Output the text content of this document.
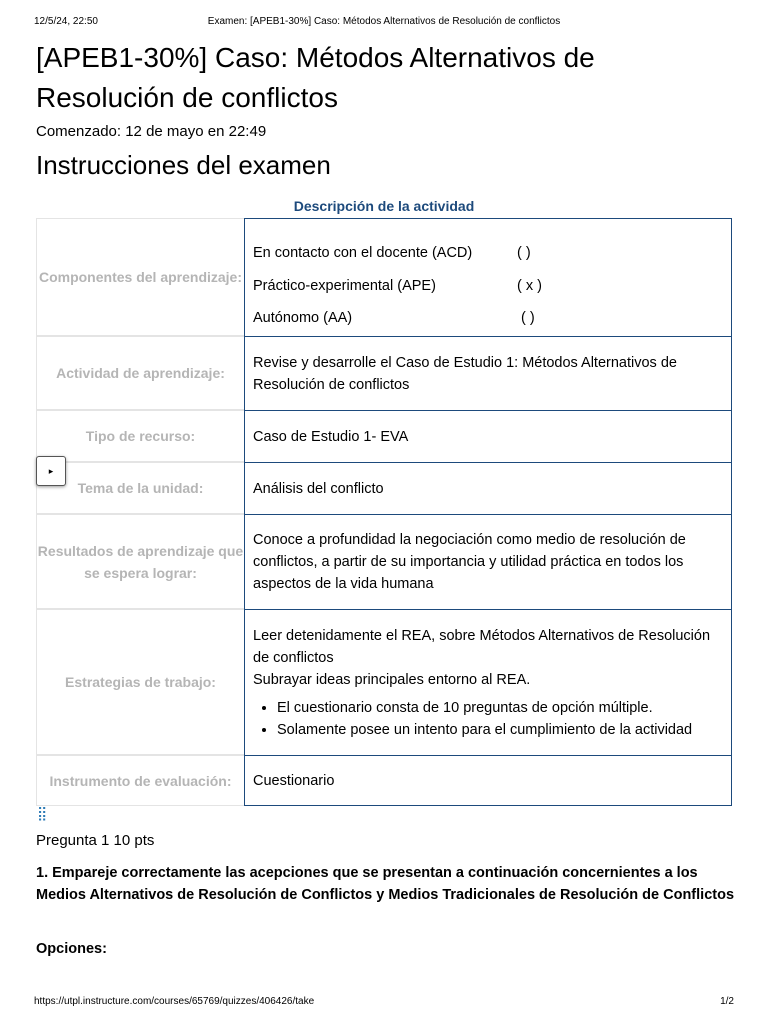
12/5/24, 22:50	Examen: [APEB1-30%] Caso: Métodos Alternativos de Resolución de conflictos
[APEB1-30%] Caso: Métodos Alternativos de Resolución de conflictos
Comenzado: 12 de mayo en 22:49
Instrucciones del examen
Descripción de la actividad
Componentes del aprendizaje:
En contacto con el docente (ACD)	( )
Práctico-experimental (APE)	( x )
Autónomo (AA)	( )
Actividad de aprendizaje:
Revise y desarrolle el Caso de Estudio 1: Métodos Alternativos de Resolución de conflictos
Tipo de recurso:	Caso de Estudio 1- EVA
Tema de la unidad:	Análisis del conflicto
Resultados de aprendizaje que se espera lograr:
Conoce a profundidad la negociación como medio de resolución de conflictos, a partir de su importancia y utilidad práctica en todos los aspectos de la vida humana
Estrategias de trabajo:
Leer detenidamente el REA, sobre Métodos Alternativos de Resolución de conflictos
Subrayar ideas principales entorno al REA.
• El cuestionario consta de 10 preguntas de opción múltiple.
• Solamente posee un intento para el cumplimiento de la actividad
Instrumento de evaluación:	Cuestionario
▸
⣿
Pregunta 1 10 pts
1. Empareje correctamente las acepciones que se presentan a continuación concernientes a los Medios Alternativos de Resolución de Conflictos y Medios Tradicionales de Resolución de Conflictos
Opciones:
https://utpl.instructure.com/courses/65769/quizzes/406426/take	1/2
